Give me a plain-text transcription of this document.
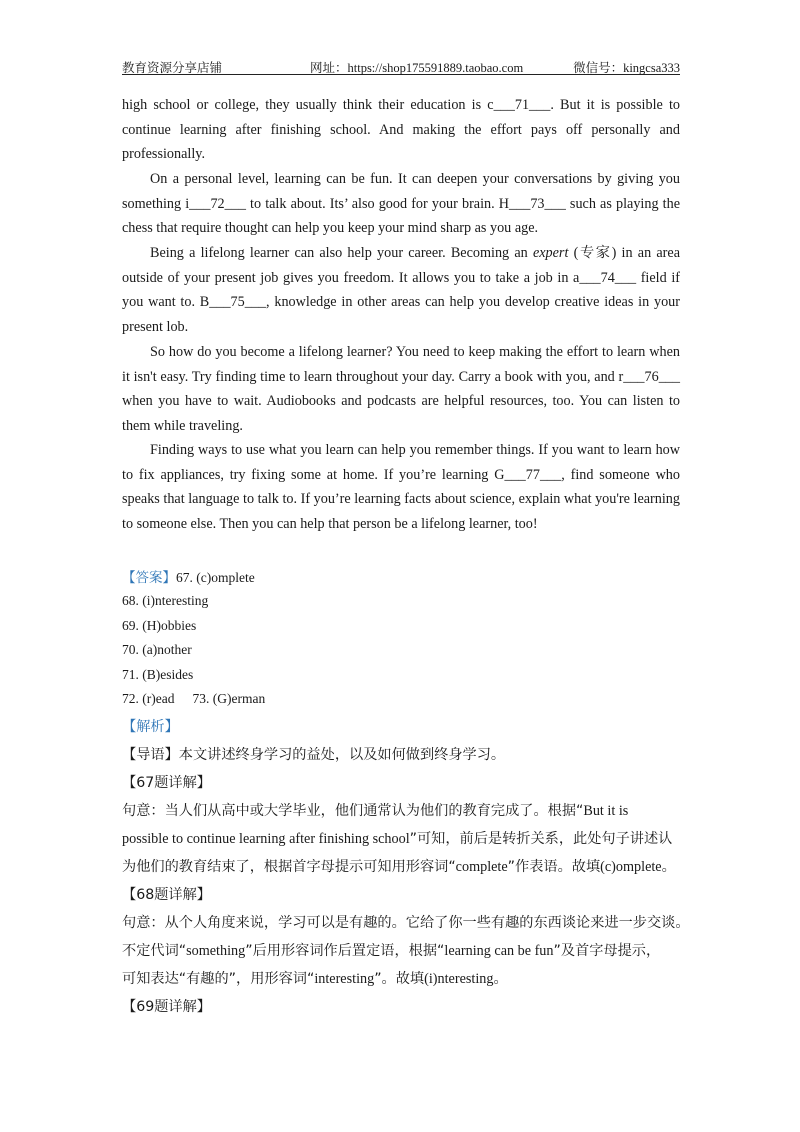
教育资源分享店铺	网址：https://shop175591889.taobao.com	微信号：kingcsa333

high school or college, they usually think their education is c___71___. But it is possible to continue learning after finishing school. And making the effort pays off personally and professionally.

On a personal level, learning can be fun. It can deepen your conversations by giving you something i___72___ to talk about. Its’ also good for your brain. H___73___ such as playing the chess that require thought can help you keep your mind sharp as you age.

Being a lifelong learner can also help your career. Becoming an expert (专家) in an area outside of your present job gives you freedom. It allows you to take a job in a___74___ field if you want to. B___75___, knowledge in other areas can help you develop creative ideas in your present lob.

So how do you become a lifelong learner? You need to keep making the effort to learn when it isn't easy. Try finding time to learn throughout your day. Carry a book with you, and r___76___ when you have to wait. Audiobooks and podcasts are helpful resources, too. You can listen to them while traveling.

Finding ways to use what you learn can help you remember things. If you want to learn how to fix appliances, try fixing some at home. If you’re learning G___77___, find someone who speaks that language to talk to. If you’re learning facts about science, explain what you're learning to someone else. Then you can help that person be a lifelong learner, too!

【答案】67. (c)omplete
68. (i)nteresting
69. (H)obbies
70. (a)nother
71. (B)esides
72. (r)ead 73. (G)erman
【解析】
【导语】本文讲述终身学习的益处，以及如何做到终身学习。
【67题详解】
句意：当人们从高中或大学毕业，他们通常认为他们的教育完成了。根据“But it is
possible to continue learning after finishing school”可知，前后是转折关系，此处句子讲述认
为他们的教育结束了，根据首字母提示可知用形容词“complete”作表语。故填(c)omplete。
【68题详解】
句意：从个人角度来说，学习可以是有趣的。它给了你一些有趣的东西谈论来进一步交谈。
不定代词“something”后用形容词作后置定语，根据“learning can be fun”及首字母提示，
可知表达“有趣的”，用形容词“interesting”。故填(i)nteresting。
【69题详解】
